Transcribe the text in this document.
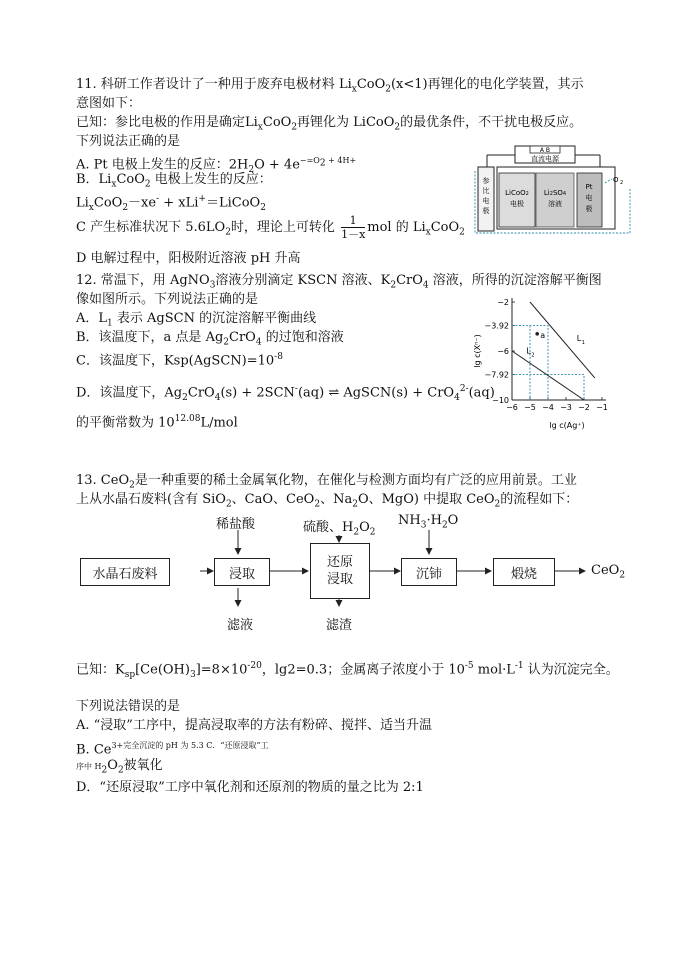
11. 科研工作者设计了一种用于废弃电极材料 $Li_xCoO_2(x<1)$再锂化的电化学装置，其示
意图如下：
已知：参比电极的作用是确定$Li_xCoO_2$再锂化为 LiCoO$_2$的最优条件，不干扰电极反应。
下列说法正确的是
A. Pt 电极上发生的反应：$2H_2O + 4e^{-=O_2 + 4H+}$
B．$Li_xCoO_2$ 电极上发生的反应：
$Li_xCoO_2-xe^-$ + xLi+＝LiCoO$_2$
C 产生标准状况下 $5.6LO_2$时，理论上可转化 $\frac{1}{1-x}$ mol 的 $Li_xCoO_2$
D 电解过程中，阳极附近溶液 pH 升高
A B
直流电源
参
比
电
极
LiCoO2
电极
Li2SO4
溶液
Pt
电
极
O 2
12. 常温下，用 AgNO$_3$溶液分别滴定 KSCN 溶液、$K_2CrO_4$ 溶液，所得的沉淀溶解平衡图
像如图所示。下列说法正确的是
A．$L_1$ 表示 AgSCN 的沉淀溶解平衡曲线
B．该温度下，a 点是 $Ag_2CrO_4$ 的过饱和溶液
C．该温度下，$Ksp(AgSCN)=10^{-8}$
D．该温度下，$Ag_2CrO_4(s) + 2SCN^-(aq)$ ⇌ AgSCN(s) + CrO$_4^{2-}$(aq)
的平衡常数为 $10^{12.08}L$/mol
−6 −5 −4 −3 −2 −1
−2
−3.92
−6
−7.92
−10
L 1
L 2
a
lg c(Ag⁺)
lg c(Xⁿ⁻)
13. CeO$_2$是一种重要的稀土金属氧化物，在催化与检测方面均有广泛的应用前景。工业
上从水晶石废料(含有 SiO$_2$、CaO、CeO$_2$、$Na_2O$、MgO) 中提取 CeO$_2$的流程如下：
水晶石废料	浸取
还原
浸取	沉铈	煅烧	CeO$_2$
稀盐酸	硫酸、$H_2O_2$
$NH_3\cdot H_2O$
滤液	滤渣
已知：$K_{sp}[Ce(OH)_3]=8\times 10^{-20}$，lg2=0.3；金属离子浓度小于 $10^{-5}$ $mol\cdot L^{-1}$ 认为沉淀完全。
下列说法错误的是
A. “浸取”工序中，提高浸取率的方法有粉碎、搅拌、适当升温
B. $Ce^{3+完全沉淀的 pH 为 5.3 C.“还原浸取”工}$
序中 $H_2O_2$被氧化
D．“还原浸取”工序中氧化剂和还原剂的物质的量之比为 2:1
